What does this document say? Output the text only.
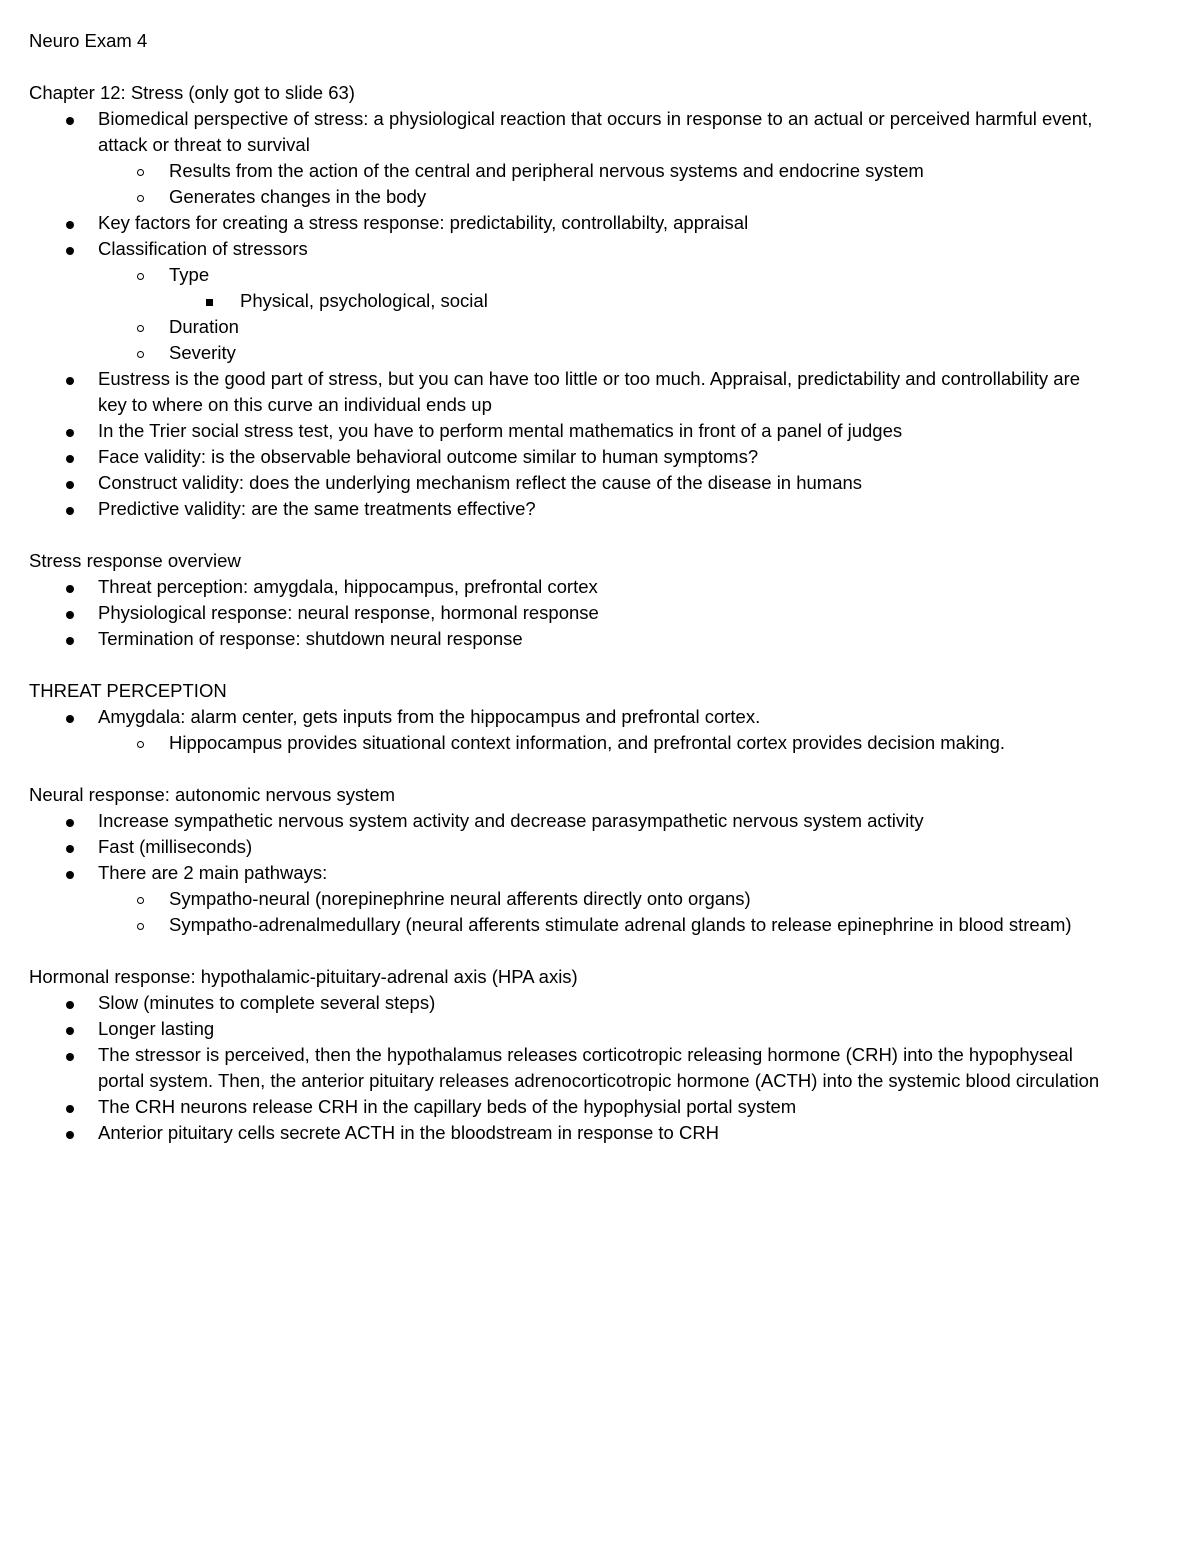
Neuro Exam 4

Chapter 12: Stress (only got to slide 63)

Biomedical perspective of stress: a physiological reaction that occurs in response to an actual or perceived harmful event,
attack or threat to survival
Results from the action of the central and peripheral nervous systems and endocrine system
Generates changes in the body
Key factors for creating a stress response: predictability, controllabilty, appraisal
Classification of stressors
Type
Physical, psychological, social
Duration
Severity
Eustress is the good part of stress, but you can have too little or too much. Appraisal, predictability and controllability are
key to where on this curve an individual ends up
In the Trier social stress test, you have to perform mental mathematics in front of a panel of judges
Face validity: is the observable behavioral outcome similar to human symptoms?
Construct validity: does the underlying mechanism reflect the cause of the disease in humans
Predictive validity: are the same treatments effective?

Stress response overview

Threat perception: amygdala, hippocampus, prefrontal cortex
Physiological response: neural response, hormonal response
Termination of response: shutdown neural response

THREAT PERCEPTION

Amygdala: alarm center, gets inputs from the hippocampus and prefrontal cortex.
Hippocampus provides situational context information, and prefrontal cortex provides decision making.

Neural response: autonomic nervous system

Increase sympathetic nervous system activity and decrease parasympathetic nervous system activity
Fast (milliseconds)
There are 2 main pathways:
Sympatho-neural (norepinephrine neural afferents directly onto organs)
Sympatho-adrenalmedullary (neural afferents stimulate adrenal glands to release epinephrine in blood stream)

Hormonal response: hypothalamic-pituitary-adrenal axis (HPA axis)

Slow (minutes to complete several steps)
Longer lasting
The stressor is perceived, then the hypothalamus releases corticotropic releasing hormone (CRH) into the hypophyseal
portal system. Then, the anterior pituitary releases adrenocorticotropic hormone (ACTH) into the systemic blood circulation
The CRH neurons release CRH in the capillary beds of the hypophysial portal system
Anterior pituitary cells secrete ACTH in the bloodstream in response to CRH
